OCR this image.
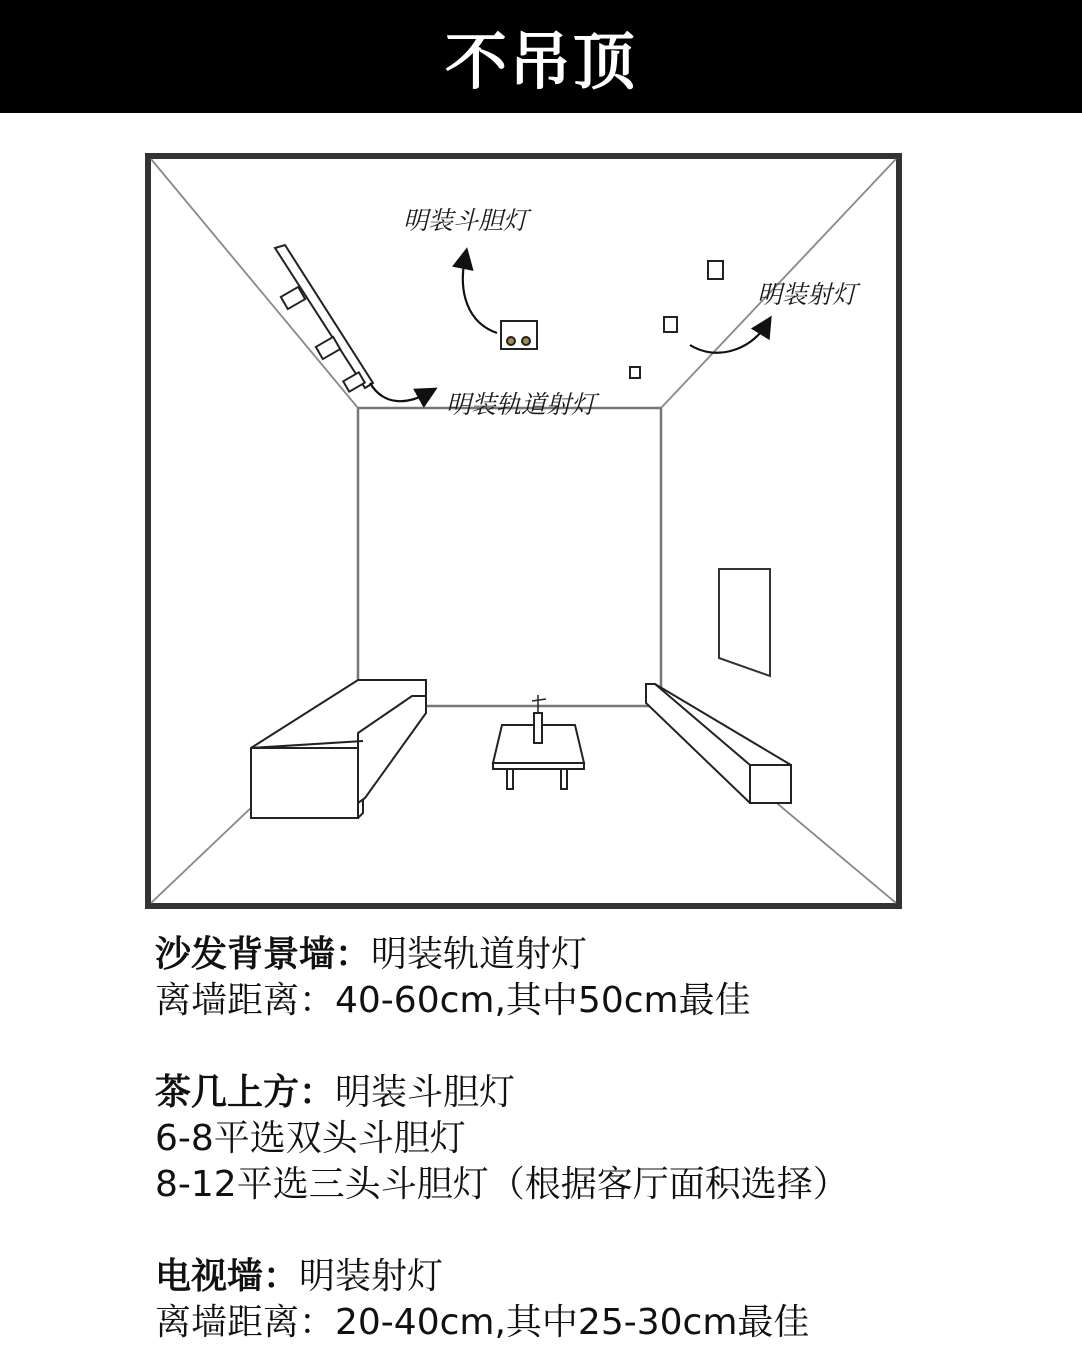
不吊顶
明装斗胆灯
明装射灯
明装轨道射灯
沙发背景墙：明装轨道射灯
离墙距离：40-60cm,其中50cm最佳
茶几上方：明装斗胆灯
6-8平选双头斗胆灯
8-12平选三头斗胆灯（根据客厅面积选择）
电视墙：明装射灯
离墙距离：20-40cm,其中25-30cm最佳
